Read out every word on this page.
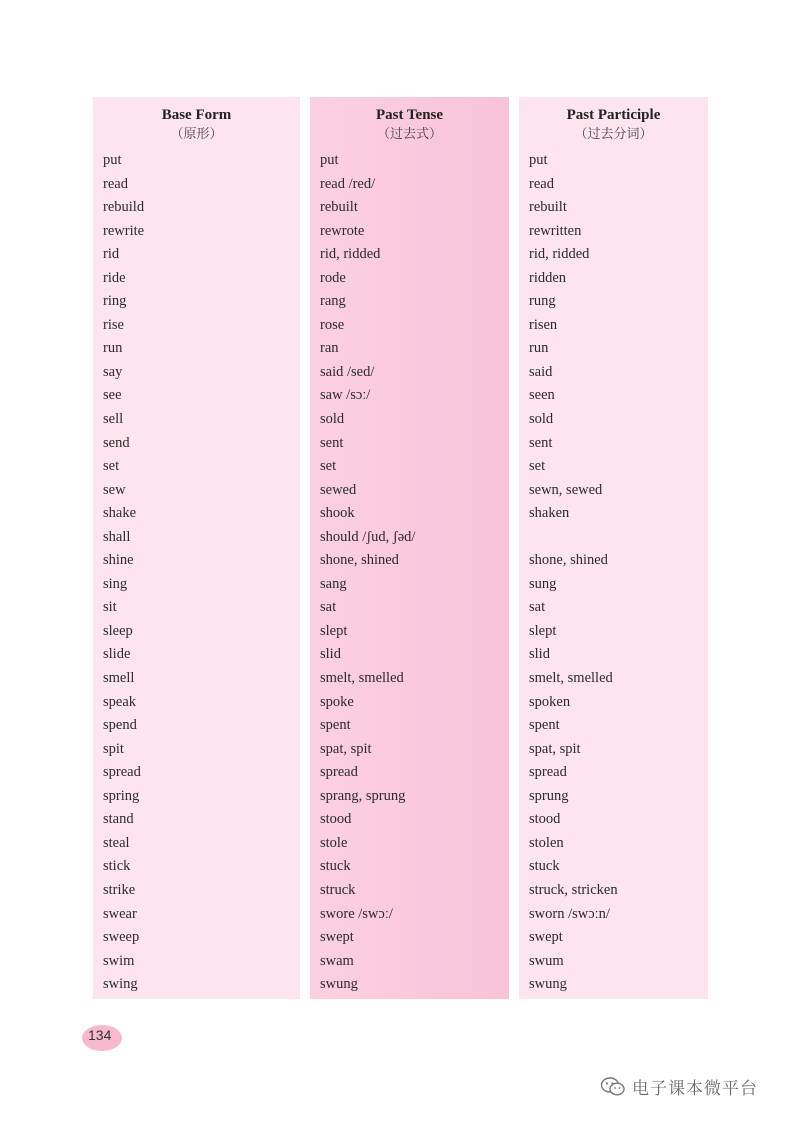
Base Form
（原形）
put
read
rebuild
rewrite
rid
ride
ring
rise
run
say
see
sell
send
set
sew
shake
shall
shine
sing
sit
sleep
slide
smell
speak
spend
spit
spread
spring
stand
steal
stick
strike
swear
sweep
swim
swing
Past Tense
（过去式）
put
read /red/
rebuilt
rewrote
rid, ridded
rode
rang
rose
ran
said /sed/
saw /sɔː/
sold
sent
set
sewed
shook
should /ʃud, ʃəd/
shone, shined
sang
sat
slept
slid
smelt, smelled
spoke
spent
spat, spit
spread
sprang, sprung
stood
stole
stuck
struck
swore /swɔː/
swept
swam
swung
Past Participle
（过去分词）
put
read
rebuilt
rewritten
rid, ridded
ridden
rung
risen
run
said
seen
sold
sent
set
sewn, sewed
shaken
shone, shined
sung
sat
slept
slid
smelt, smelled
spoken
spent
spat, spit
spread
sprung
stood
stolen
stuck
struck, stricken
sworn /swɔːn/
swept
swum
swung
134
电子课本微平台
